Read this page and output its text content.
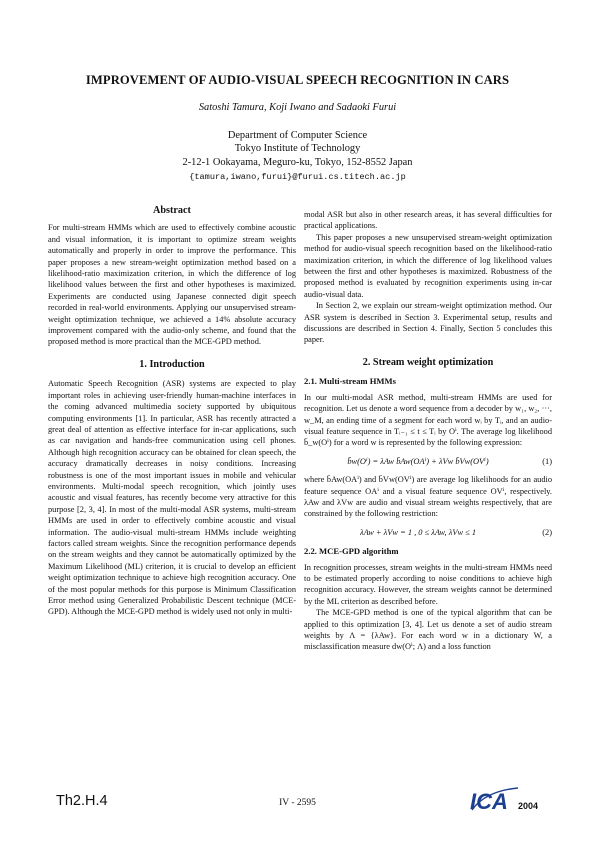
IMPROVEMENT OF AUDIO-VISUAL SPEECH RECOGNITION IN CARS
Satoshi Tamura, Koji Iwano and Sadaoki Furui
Department of Computer Science
Tokyo Institute of Technology
2-12-1 Ookayama, Meguro-ku, Tokyo, 152-8552 Japan
{tamura,iwano,furui}@furui.cs.titech.ac.jp
Abstract

For multi-stream HMMs which are used to effectively combine acoustic and visual information, it is important to optimize stream weights automatically and properly in order to improve the performance. This paper proposes a new stream-weight optimization method based on a likelihood-ratio maximization criterion, in which the difference of log likelihood values between the first and other hypotheses is maximized. Experiments are conducted using Japanese connected digit speech recorded in real-world environments. Applying our unsupervised stream-weight optimization technique, we achieved a 14% absolute accuracy improvement compared with the audio-only scheme, and found that the proposed method is more practical than the MCE-GPD method.

1. Introduction

Automatic Speech Recognition (ASR) systems are expected to play important roles in achieving user-friendly human-machine interfaces in the coming advanced multimedia society supported by ubiquitous computing environments [1]. In particular, ASR has recently attracted a great deal of attention as effective interface for in-car applications, such as car navigation and hands-free communication using cell phones. Although high recognition accuracy can be obtained for clean speech, the accuracy dramatically decreases in noisy conditions. Increasing robustness is one of the most important issues in mobile and vehicular environments. Multi-modal speech recognition, which jointly uses acoustic and visual features, has recently become very attractive for this purpose [2, 3, 4]. In most of the multi-modal ASR systems, multi-stream HMMs are used in order to effectively combine acoustic and visual information. The audio-visual multi-stream HMMs include weighting factors called stream weights. Since the recognition performance depends on the stream weights and they cannot be automatically optimized by the Maximum Likelihood (ML) criterion, it is crucial to develop an efficient weight optimization technique to achieve high recognition accuracy. One of the most popular methods for this purpose is Minimum Classification Error method using Generalized Probabilistic Descent technique (MCE-GPD). Although the MCE-GPD method is widely used not only in multi-

modal ASR but also in other research areas, it has several difficulties for practical applications.

This paper proposes a new unsupervised stream-weight optimization method for audio-visual speech recognition based on the likelihood-ratio maximization criterion, in which the difference of log likelihood values between the first and other hypotheses is maximized. Robustness of the proposed method is evaluated by recognition experiments using in-car audio-visual data.

In Section 2, we explain our stream-weight optimization method. Our ASR system is described in Section 3. Experimental setup, results and discussions are described in Section 4. Finally, Section 5 concludes this paper.

2. Stream weight optimization
2.1. Multi-stream HMMs

In our multi-modal ASR method, multi-stream HMMs are used for recognition. Let us denote a word sequence from a decoder by w₁, w₂, ···, w_M, an ending time of a segment for each word wᵢ by Tᵢ, and an audio-visual feature sequence in Tᵢ₋₁ ≤ t ≤ Tᵢ by Oⁱ. The average log likelihood b̄_w(Oⁱ) for a word w is represented by the following expression:

b̄w(Oⁱ) = λAw b̄Aw(OAⁱ) + λVw b̄Vw(OVⁱ)	(1)

where b̄Aw(OAⁱ) and b̄Vw(OVⁱ) are average log likelihoods for an audio feature sequence OAⁱ and a visual feature sequence OVⁱ, respectively. λAw and λVw are audio and visual stream weights respectively, that are constrained by the following restriction:

λAw + λVw = 1 , 0 ≤ λAw, λVw ≤ 1	(2)
2.2. MCE-GPD algorithm

In recognition processes, stream weights in the multi-stream HMMs need to be estimated properly according to noise conditions to achieve high recognition accuracy. However, the stream weights cannot be determined by the ML criterion as described before.

The MCE-GPD method is one of the typical algorithm that can be applied to this optimization [3, 4]. Let us denote a set of audio stream weights by Λ = {λAw}. For each word w in a dictionary W, a misclassification measure dw(Oⁱ; Λ) and a loss function

Th2.H.4	IV - 2595	ICA 2004
